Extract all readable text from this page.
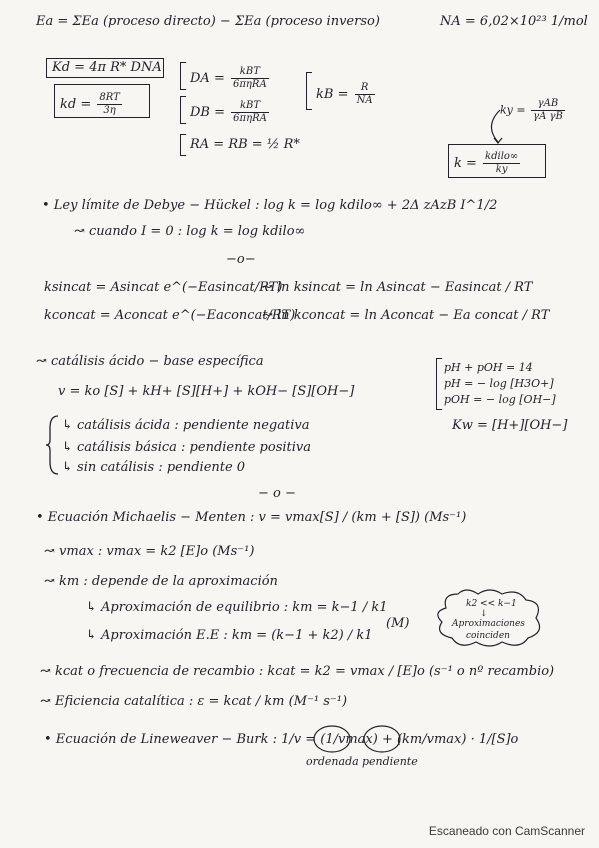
Ea = ΣEa (proceso directo) − ΣEa (proceso inverso)	NA = 6,02×10²³ 1/mol
Kd = 4π R* DNA
kd = $\frac{8RT}{3\eta}$
DA = $\frac{\text{kBT}}{\text{6πηRA}}$
DB = $\frac{\text{kBT}}{\text{6πηRA}}$
RA = RB = ½ R*
kB = $\frac{R}{NA}$
ky = $\frac{\text{γAB}}{\text{γA γB}}$
$k = \frac{\text{kdilo∞}}{ky}$
• Ley límite de Debye − Hückel : log k = log kdilo∞ + 2Δ zAzB I^1/2
↝ cuando I = 0 : log k = log kdilo∞
−o−
ksincat = Asincat e^(−Easincat/RT)
↝ ln ksincat = ln Asincat − Easincat / RT
kconcat = Aconcat e^(−Eaconcat/RT)
↝ ln kconcat = ln Aconcat − Ea concat / RT
↝ catálisis ácido − base específica
v = ko [S] + kH+ [S][H+] + kOH− [S][OH−]
pH + pOH = 14
pH = − log [H3O+]
pOH = − log [OH−]
Kw = [H+][OH−]
↳ catálisis ácida : pendiente negativa
↳ catálisis básica : pendiente positiva
↳ sin catálisis : pendiente 0
− o −
• Ecuación Michaelis − Menten : v = vmax[S] / (km + [S]) (Ms⁻¹)
↝ vmax : vmax = k2 [E]o (Ms⁻¹)
↝ km : depende de la aproximación
↳ Aproximación de equilibrio : km = k−1 / k1
↳ Aproximación E.E : km = (k−1 + k2) / k1
(M)
k2 << k−1
↓
Aproximaciones
coinciden
↝ kcat o frecuencia de recambio : kcat = k2 = vmax / [E]o (s⁻¹ o nº recambio)
↝ Eficiencia catalítica : ε = kcat / km (M⁻¹ s⁻¹)
• Ecuación de Lineweaver − Burk : 1/v = (1/vmax) + (km/vmax) · 1/[S]o
ordenada pendiente
Escaneado con CamScanner
